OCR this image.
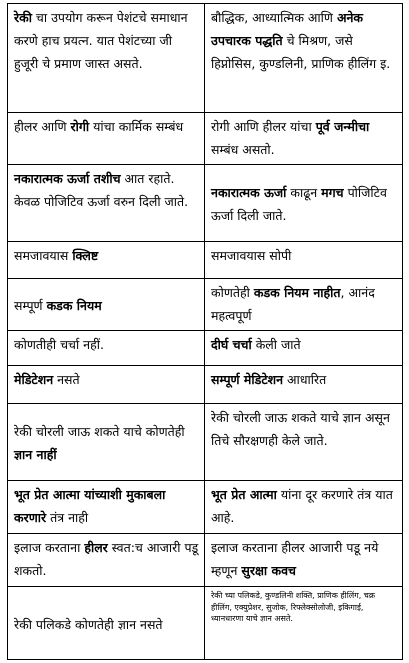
रेकी चा उपयोग करून पेशंटचे समाधान करणे हाच प्रयत्न. यात पेशंटच्या जी हुजूरी चे प्रमाण जास्त असते.	बौद्धिक, आध्यात्मिक आणि अनेक उपचारक पद्धति चे मिश्रण, जसे हिप्नोसिस, कुण्डलिनी, प्राणिक हीलिंग इ.
हीलर आणि रोगी यांचा कार्मिक सम्बंध	रोगी आणि हीलर यांचा पूर्व जन्मीचा सम्बंध असतो.
नकारात्मक ऊर्जा तशीच आत रहाते. केवळ पोजिटिव ऊर्जा वरुन दिली जाते.	नकारात्मक ऊर्जा काढून मगच पोजिटिव ऊर्जा दिली जाते.
समजावयास क्लिष्ट	समजावयास सोपी
सम्पूर्ण कडक नियम	कोणतेही कडक नियम नाहीत, आनंद महत्वपूर्ण
कोणतीही चर्चा नहीं.	दीर्घ चर्चा केली जाते
मेडिटेशन नसते	सम्पूर्ण मेडिटेशन आधारित
रेकी चोरली जाऊ शकते याचे कोणतेही ज्ञान नाहीं	रेकी चोरली जाऊ शकते याचे ज्ञान असून तिचे सौरक्षणही केले जाते.
भूत प्रेत आत्मा यांच्याशी मुकाबला करणारे तंत्र नाही	भूत प्रेत आत्मा यांना दूर करणारे तंत्र यात आहे.
इलाज करताना हीलर स्वत:च आजारी पडू शकतो.	इलाज करताना हीलर आजारी पडू नये म्हणून सुरक्षा कवच
रेकी पलिकडे कोणतेही ज्ञान नसते	रेकी च्या पलिकडे, कुण्डलिनी शक्ति, प्राणिक हीलिंग, चक्र हीलिंग, एक्युप्रेशर, सुजोक, रिफ्लेक्सोलोजी, इकिगाई, ध्यानधारणा याचे ज्ञान असते.
